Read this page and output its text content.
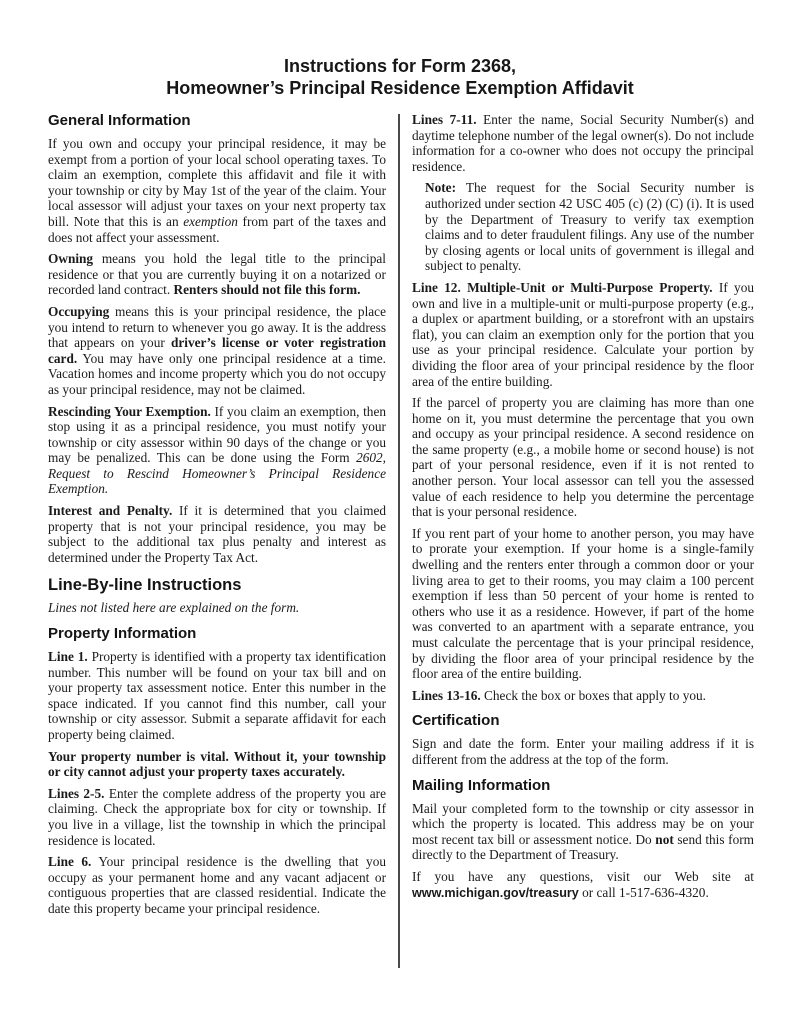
Instructions for Form 2368,
Homeowner’s Principal Residence Exemption Affidavit
General Information

If you own and occupy your principal residence, it may be exempt from a portion of your local school operating taxes. To claim an exemption, complete this affidavit and file it with your township or city by May 1st of the year of the claim. Your local assessor will adjust your taxes on your next property tax bill. Note that this is an exemption from part of the taxes and does not affect your assessment.

Owning means you hold the legal title to the principal residence or that you are currently buying it on a notarized or recorded land contract. Renters should not file this form.

Occupying means this is your principal residence, the place you intend to return to whenever you go away. It is the address that appears on your driver’s license or voter registration card. You may have only one principal residence at a time. Vacation homes and income property which you do not occupy as your principal residence, may not be claimed.

Rescinding Your Exemption. If you claim an exemption, then stop using it as a principal residence, you must notify your township or city assessor within 90 days of the change or you may be penalized. This can be done using the Form 2602, Request to Rescind Homeowner’s Principal Residence Exemption.

Interest and Penalty. If it is determined that you claimed property that is not your principal residence, you may be subject to the additional tax plus penalty and interest as determined under the Property Tax Act.

Line-By-line Instructions

Lines not listed here are explained on the form.

Property Information

Line 1. Property is identified with a property tax identification number. This number will be found on your tax bill and on your property tax assessment notice. Enter this number in the space indicated. If you cannot find this number, call your township or city assessor. Submit a separate affidavit for each property being claimed.

Your property number is vital. Without it, your township or city cannot adjust your property taxes accurately.

Lines 2-5. Enter the complete address of the property you are claiming. Check the appropriate box for city or township. If you live in a village, list the township in which the principal residence is located.

Line 6. Your principal residence is the dwelling that you occupy as your permanent home and any vacant adjacent or contiguous properties that are classed residential. Indicate the date this property became your principal residence.

Lines 7-11. Enter the name, Social Security Number(s) and daytime telephone number of the legal owner(s). Do not include information for a co-owner who does not occupy the principal residence.

Note: The request for the Social Security number is authorized under section 42 USC 405 (c) (2) (C) (i). It is used by the Department of Treasury to verify tax exemption claims and to deter fraudulent filings. Any use of the number by closing agents or local units of government is illegal and subject to penalty.

Line 12. Multiple-Unit or Multi-Purpose Property. If you own and live in a multiple-unit or multi-purpose property (e.g., a duplex or apartment building, or a storefront with an upstairs flat), you can claim an exemption only for the portion that you use as your principal residence. Calculate your portion by dividing the floor area of your principal residence by the floor area of the entire building.

If the parcel of property you are claiming has more than one home on it, you must determine the percentage that you own and occupy as your principal residence. A second residence on the same property (e.g., a mobile home or second house) is not part of your personal residence, even if it is not rented to another person. Your local assessor can tell you the assessed value of each residence to help you determine the percentage that is your personal residence.

If you rent part of your home to another person, you may have to prorate your exemption. If your home is a single-family dwelling and the renters enter through a common door or your living area to get to their rooms, you may claim a 100 percent exemption if less than 50 percent of your home is rented to others who use it as a residence. However, if part of the home was converted to an apartment with a separate entrance, you must calculate the percentage that is your principal residence, by dividing the floor area of your principal residence by the floor area of the entire building.

Lines 13-16. Check the box or boxes that apply to you.

Certification

Sign and date the form. Enter your mailing address if it is different from the address at the top of the form.

Mailing Information

Mail your completed form to the township or city assessor in which the property is located. This address may be on your most recent tax bill or assessment notice. Do not send this form directly to the Department of Treasury.

If you have any questions, visit our Web site at www.michigan.gov/treasury or call 1-517-636-4320.
